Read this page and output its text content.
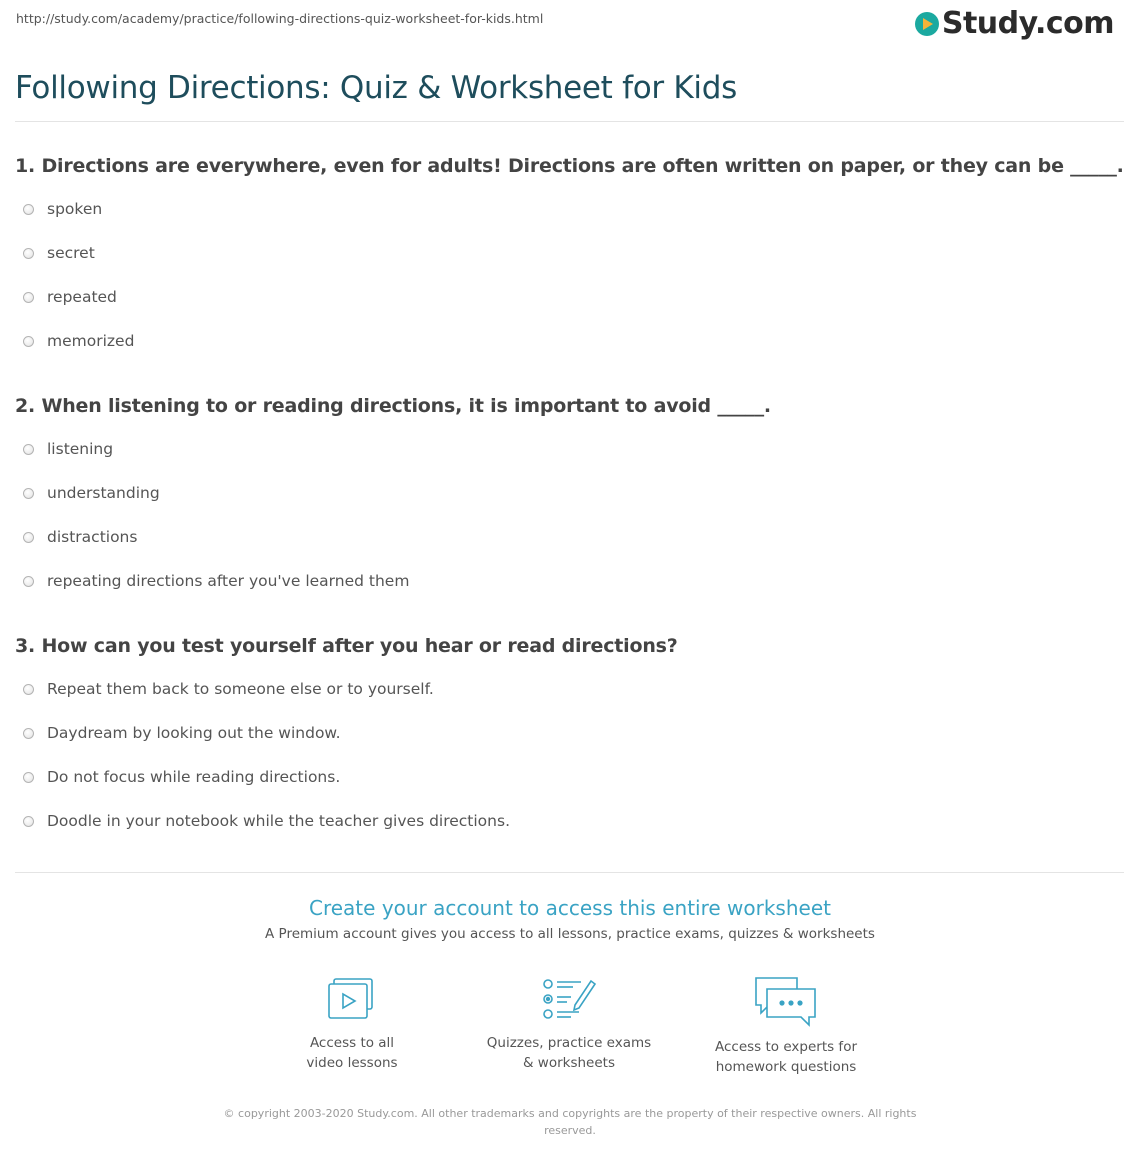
http://study.com/academy/practice/following-directions-quiz-worksheet-for-kids.html	Study.com
Following Directions: Quiz & Worksheet for Kids
1. Directions are everywhere, even for adults! Directions are often written on paper, or they can be _____.
spoken
secret
repeated
memorized
2. When listening to or reading directions, it is important to avoid _____.
listening
understanding
distractions
repeating directions after you've learned them
3. How can you test yourself after you hear or read directions?
Repeat them back to someone else or to yourself.
Daydream by looking out the window.
Do not focus while reading directions.
Doodle in your notebook while the teacher gives directions.
Create your account to access this entire worksheet
A Premium account gives you access to all lessons, practice exams, quizzes & worksheets
Access to all
video lessons
Quizzes, practice exams
& worksheets
Access to experts for
homework questions
© copyright 2003-2020 Study.com. All other trademarks and copyrights are the property of their respective owners. All rights reserved.
